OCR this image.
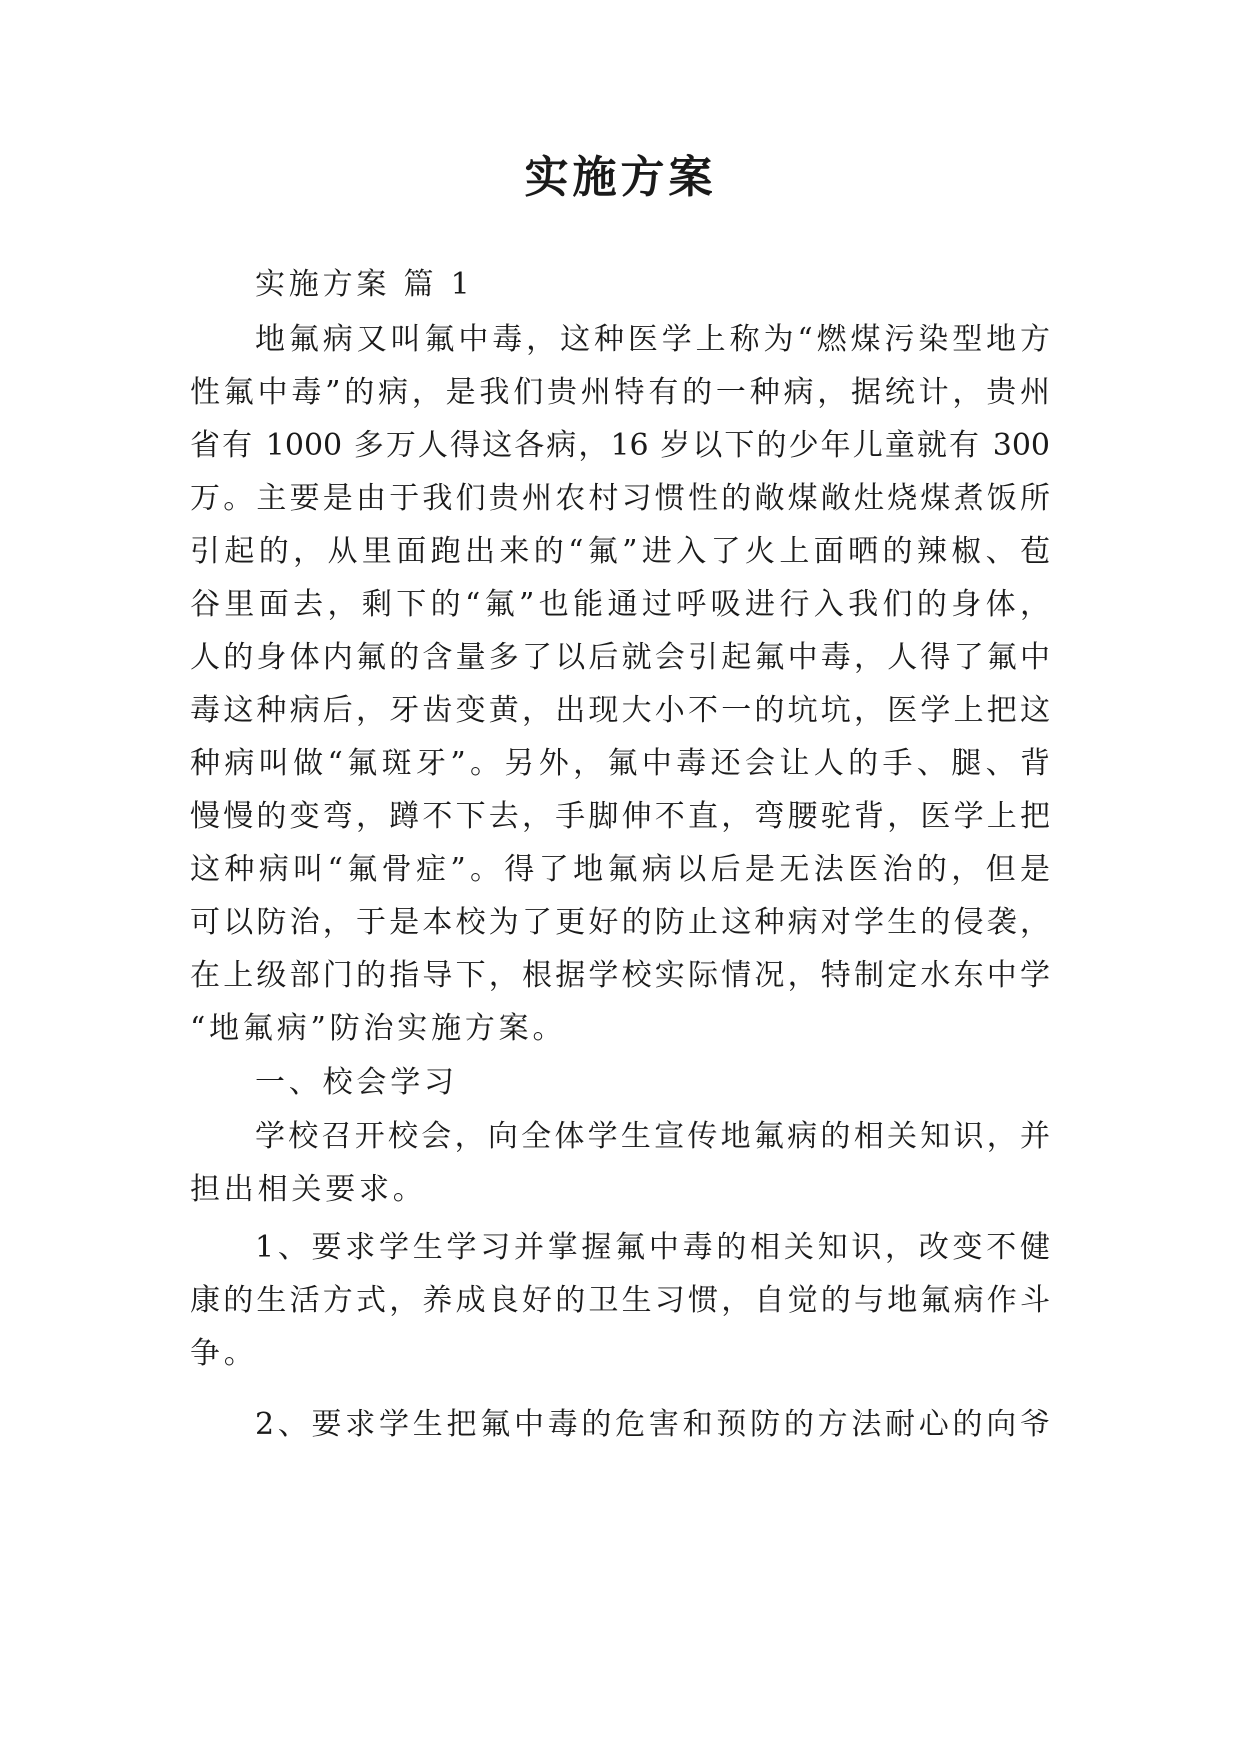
实施方案

实施方案 篇 1

地氟病又叫氟中毒，这种医学上称为“燃煤污染型地方

性氟中毒”的病，是我们贵州特有的一种病，据统计，贵州

省有 1000 多万人得这各病，16 岁以下的少年儿童就有 300

万。主要是由于我们贵州农村习惯性的敞煤敞灶烧煤煮饭所

引起的，从里面跑出来的“氟”进入了火上面晒的辣椒、苞

谷里面去，剩下的“氟”也能通过呼吸进行入我们的身体，

人的身体内氟的含量多了以后就会引起氟中毒，人得了氟中

毒这种病后，牙齿变黄，出现大小不一的坑坑，医学上把这

种病叫做“氟斑牙”。另外，氟中毒还会让人的手、腿、背

慢慢的变弯，蹲不下去，手脚伸不直，弯腰驼背，医学上把

这种病叫“氟骨症”。得了地氟病以后是无法医治的，但是

可以防治，于是本校为了更好的防止这种病对学生的侵袭，

在上级部门的指导下，根据学校实际情况，特制定水东中学

“地氟病”防治实施方案。

一、校会学习

学校召开校会，向全体学生宣传地氟病的相关知识，并

担出相关要求。

1、要求学生学习并掌握氟中毒的相关知识，改变不健

康的生活方式，养成良好的卫生习惯，自觉的与地氟病作斗

争。

2、要求学生把氟中毒的危害和预防的方法耐心的向爷
